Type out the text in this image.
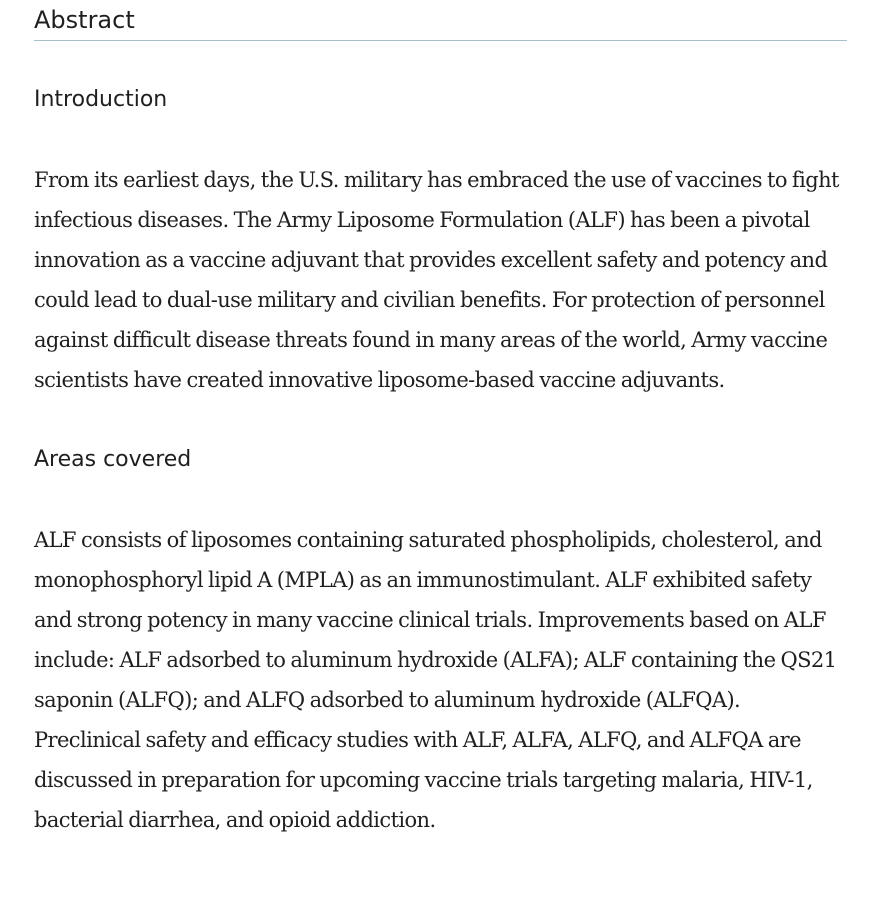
Abstract
Introduction

From its earliest days, the U.S. military has embraced the use of vaccines to fight infectious diseases. The Army Liposome Formulation (ALF) has been a pivotal innovation as a vaccine adjuvant that provides excellent safety and potency and could lead to dual-use military and civilian benefits. For protection of personnel against difficult disease threats found in many areas of the world, Army vaccine scientists have created innovative liposome-based vaccine adjuvants.

Areas covered

ALF consists of liposomes containing saturated phospholipids, cholesterol, and monophosphoryl lipid A (MPLA) as an immunostimulant. ALF exhibited safety and strong potency in many vaccine clinical trials. Improvements based on ALF include: ALF adsorbed to aluminum hydroxide (ALFA); ALF containing the QS21 saponin (ALFQ); and ALFQ adsorbed to aluminum hydroxide (ALFQA). Preclinical safety and efficacy studies with ALF, ALFA, ALFQ, and ALFQA are discussed in preparation for upcoming vaccine trials targeting malaria, HIV-1, bacterial diarrhea, and opioid addiction.
